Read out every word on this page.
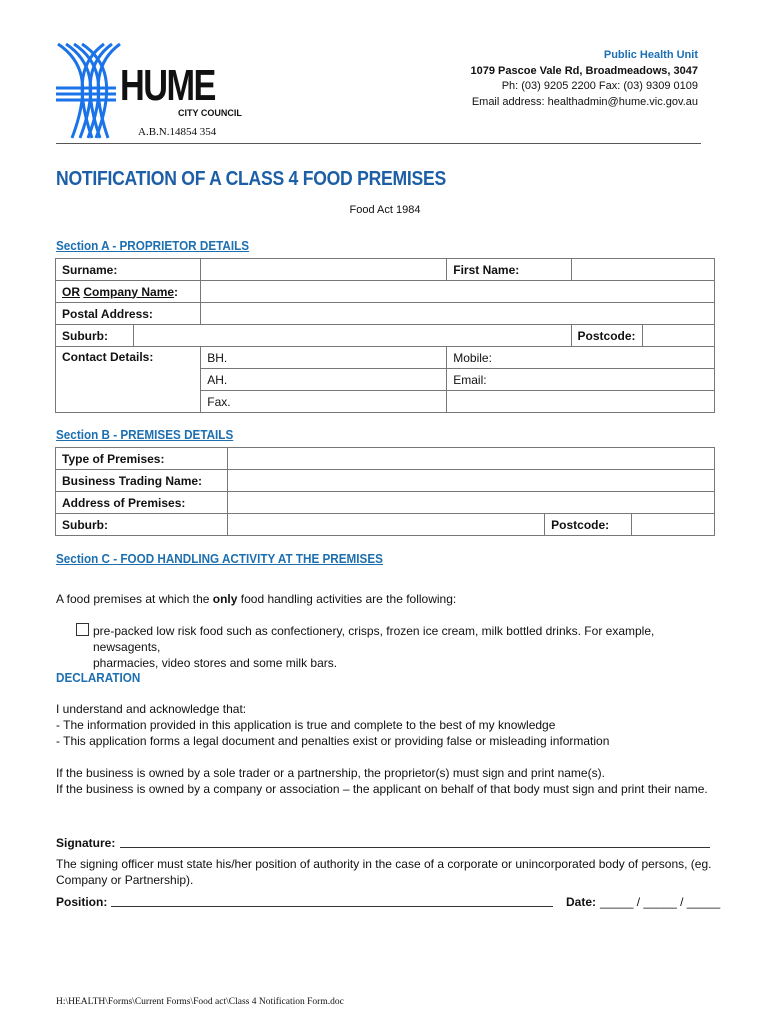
HUME
CITY COUNCIL
A.B.N.14854 354
Public Health Unit
1079 Pascoe Vale Rd, Broadmeadows, 3047
Ph: (03) 9205 2200 Fax: (03) 9309 0109
Email address: healthadmin@hume.vic.gov.au
NOTIFICATION OF A CLASS 4 FOOD PREMISES
Food Act 1984
Section A - PROPRIETOR DETAILS
Surname:			First Name:		
OR Company Name:					
Postal Address:					
Suburb:				Postcode:	
Contact Details:		BH.	Mobile:		
		AH.	Email:		
		Fax.			
Section B - PREMISES DETAILS
Type of Premises:			
Business Trading Name:			
Address of Premises:			
Suburb:		Postcode:	
Section C - FOOD HANDLING ACTIVITY AT THE PREMISES
A food premises at which the only food handling activities are the following:
pre-packed low risk food such as confectionery, crisps, frozen ice cream, milk bottled drinks. For example, newsagents,
pharmacies, video stores and some milk bars.
DECLARATION
I understand and acknowledge that:
- The information provided in this application is true and complete to the best of my knowledge
- This application forms a legal document and penalties exist or providing false or misleading information
If the business is owned by a sole trader or a partnership, the proprietor(s) must sign and print name(s).
If the business is owned by a company or association – the applicant on behalf of that body must sign and print their name.
Signature:
The signing officer must state his/her position of authority in the case of a corporate or unincorporated body of persons, (eg.
Company or Partnership).
Position:	Date: _____ / _____ / _____
H:\HEALTH\Forms\Current Forms\Food act\Class 4 Notification Form.doc
